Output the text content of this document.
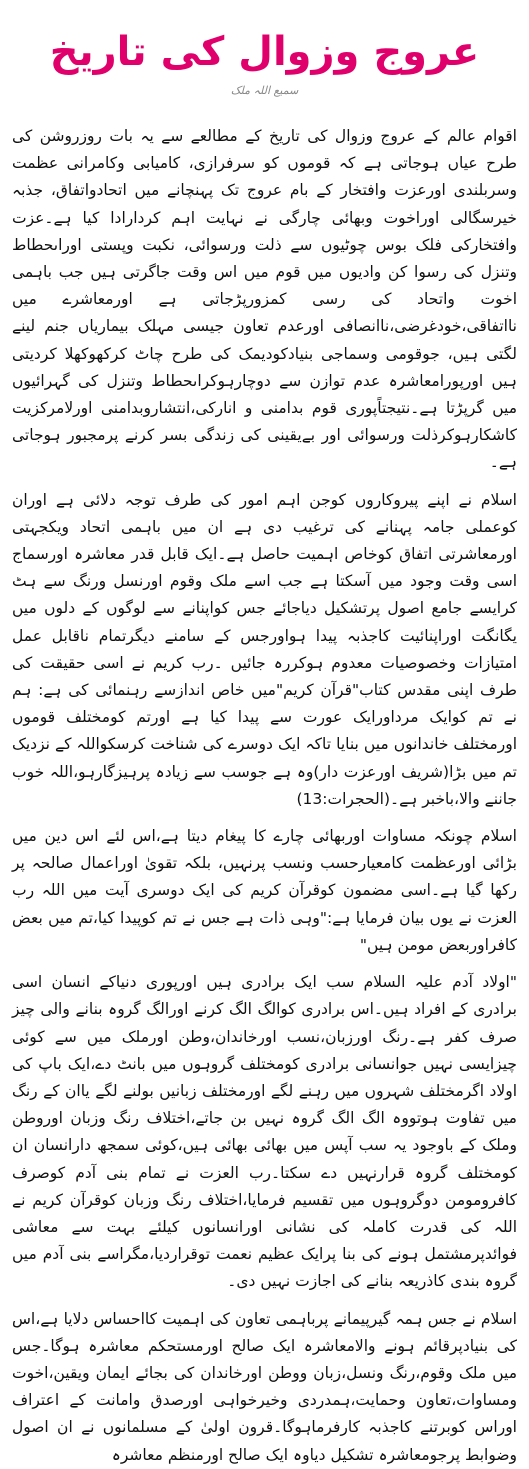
عروج وزوال کی تاریخ
سمیع اللہ ملک

اقوام عالم کے عروج وزوال کی تاریخ کے مطالعے سے یہ بات روزروشن کی طرح عیاں ہوجاتی ہے کہ قوموں کو سرفرازی، کامیابی وکامرانی عظمت وسربلندی اورعزت وافتخار کے بام عروج تک پہنچانے میں اتحادواتفاق، جذبہ خیرسگالی اوراخوت وبھائی چارگی نے نہایت اہم کردارادا کیا ہے۔عزت وافتخارکی فلک بوس چوٹیوں سے ذلت ورسوائی، نکبت وپستی اوراںحطاط وتنزل کی رسوا کن وادیوں میں قوم میں اس وقت جاگرتی ہیں جب باہمی اخوت واتحاد کی رسی کمزورپڑجاتی ہے اورمعاشرے میں نااتفاقی،خودغرضی،ناانصافی اورعدم تعاون جیسی مہلک بیماریاں جنم لینے لگتی ہیں، جوقومی وسماجی بنیادکودیمک کی طرح چاٹ کرکھوکھلا کردیتی ہیں اورپورامعاشرہ عدم توازن سے دوچارہوکراںحطاط وتنزل کی گہرائیوں میں گرپڑتا ہے۔نتیجتاًپوری قوم بدامنی و انارکی،انتشاروبدامنی اورلامرکزیت کاشکارہوکرذلت ورسوائی اور بےیقینی کی زندگی بسر کرنے پرمجبور ہوجاتی ہے۔

اسلام نے اپنے پیروکاروں کوجن اہم امور کی طرف توجہ دلائی ہے اوران کوعملی جامہ پہنانے کی ترغیب دی ہے ان میں باہمی اتحاد ویکجہتی اورمعاشرتی اتفاق کوخاص اہمیت حاصل ہے۔ایک قابل قدر معاشرہ اورسماج اسی وقت وجود میں آسکتا ہے جب اسے ملک وقوم اورنسل ورنگ سے ہٹ کرایسے جامع اصول پرتشکیل دیاجائے جس کواپنانے سے لوگوں کے دلوں میں یگانگت اوراپنائیت کاجذبہ پیدا ہواورجس کے سامنے دیگرتمام ناقابل عمل امتیازات وخصوصیات معدوم ہوکررہ جائیں ۔رب کریم نے اسی حقیقت کی طرف اپنی مقدس کتاب"قرآن کریم"میں خاص اندازسے رہنمائی کی ہے: ہم نے تم کوایک مرداورایک عورت سے پیدا کیا ہے اورتم کومختلف قوموں اورمختلف خاندانوں میں بنایا تاکہ ایک دوسرے کی شناخت کرسکواللہ کے نزدیک تم میں بڑا(شریف اورعزت دار)وہ ہے جوسب سے زیادہ پرہیزگارہو،اللہ خوب جاننے والا،باخبر ہے۔(الحجرات:13)

اسلام چونکہ مساوات اوربھائی چارے کا پیغام دیتا ہے،اس لئے اس دین میں بڑائی اورعظمت کامعیارحسب ونسب پرنہیں، بلکہ تقویٰ اوراعمال صالحہ پر رکھا گیا ہے۔اسی مضمون کوقرآن کریم کی ایک دوسری آیت میں اللہ رب العزت نے یوں بیان فرمایا ہے:"وہی ذات ہے جس نے تم کوپیدا کیا،تم میں بعض کافراوربعض مومن ہیں"

"اولاد آدم علیہ السلام سب ایک برادری ہیں اورپوری دنیاکے انسان اسی برادری کے افراد ہیں۔اس برادری کوالگ الگ کرنے اورالگ گروہ بنانے والی چیز صرف کفر ہے۔رنگ اورزبان،نسب اورخاندان،وطن اورملک میں سے کوئی چیزایسی نہیں جوانسانی برادری کومختلف گروہوں میں بانٹ دے،ایک باپ کی اولاد اگرمختلف شہروں میں رہنے لگے اورمختلف زبانیں بولنے لگے یاان کے رنگ میں تفاوت ہوتووہ الگ الگ گروہ نہیں بن جاتے،اختلاف رنگ وزبان اوروطن وملک کے باوجود یہ سب آپس میں بھائی بھائی ہیں،کوئی سمجھ دارانسان ان کومختلف گروہ قرارنہیں دے سکتا۔رب العزت نے تمام بنی آدم کوصرف کافرومومن دوگروہوں میں تقسیم فرمایا،اختلاف رنگ وزبان کوقرآن کریم نے اللہ کی قدرت کاملہ کی نشانی اورانسانوں کیلئے بہت سے معاشی فوائدپرمشتمل ہونے کی بنا پرایک عظیم نعمت توقراردیا،مگراسے بنی آدم میں گروہ بندی کاذریعہ بنانے کی اجازت نہیں دی۔

اسلام نے جس ہمہ گیرپیمانے پرباہمی تعاون کی اہمیت کااحساس دلایا ہے،اس کی بنیادپرقائم ہونے والامعاشرہ ایک صالح اورمستحکم معاشرہ ہوگا۔جس میں ملک وقوم،رنگ ونسل،زبان ووطن اورخاندان کی بجائے ایمان ویقین،اخوت ومساوات،تعاون وحمایت،ہمدردی وخیرخواہی اورصدق وامانت کے اعتراف اوراس کوبرتنے کاجذبہ کارفرماہوگا۔قرون اولیٰ کے مسلمانوں نے ان اصول وضوابط پرجومعاشرہ تشکیل دیاوہ ایک صالح اورمنظم معاشرہ
